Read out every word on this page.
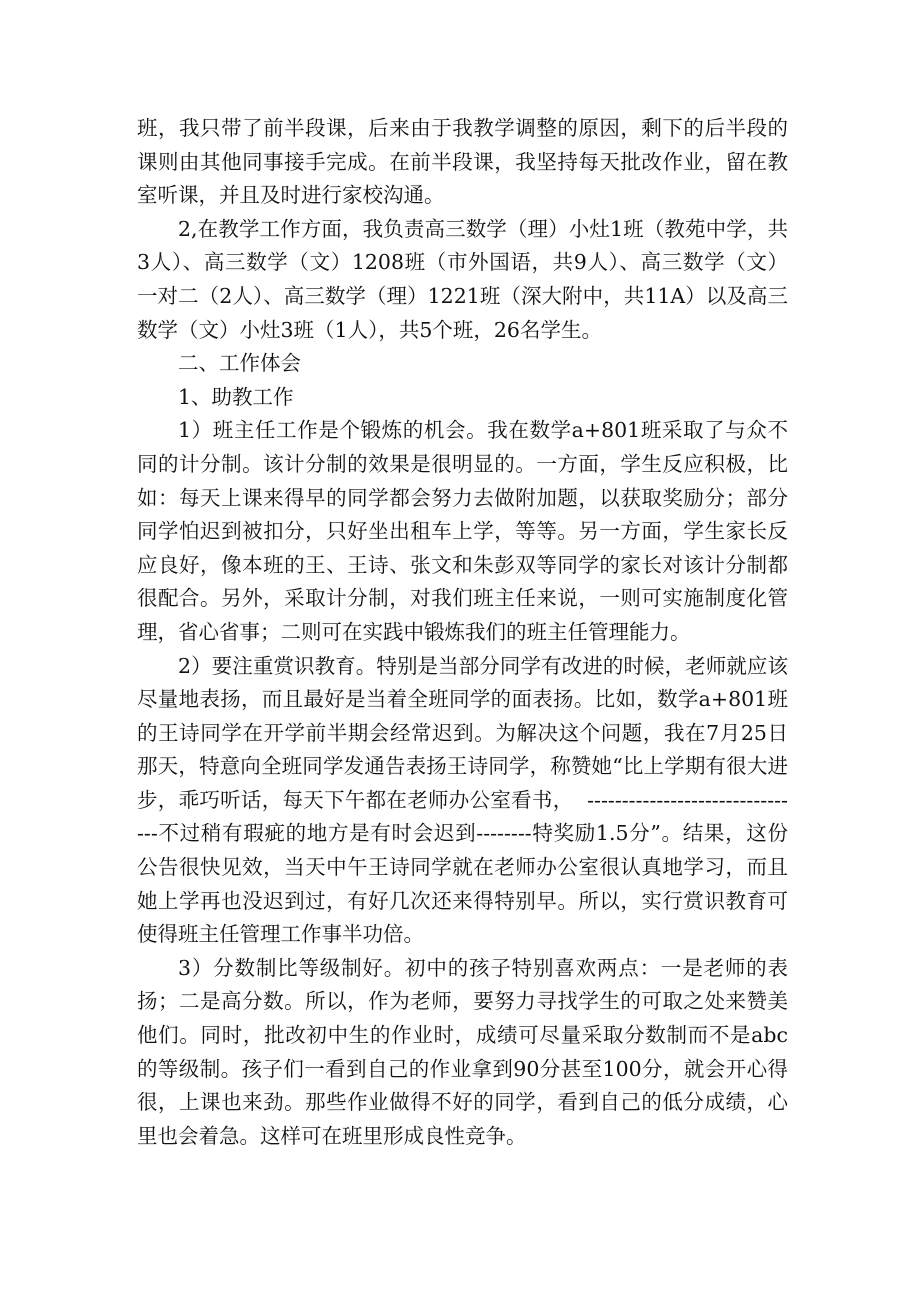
班，我只带了前半段课，后来由于我教学调整的原因，剩下的后半段的课则由其他同事接手完成。在前半段课，我坚持每天批改作业，留在教室听课，并且及时进行家校沟通。

2,在教学工作方面，我负责高三数学（理）小灶1班（教苑中学，共3人）、高三数学（文）1208班（市外国语，共9人）、高三数学（文）一对二（2人）、高三数学（理）1221班（深大附中，共11A）以及高三数学（文）小灶3班（1人），共5个班，26名学生。

二、工作体会

1、助教工作

1）班主任工作是个锻炼的机会。我在数学a+801班采取了与众不同的计分制。该计分制的效果是很明显的。一方面，学生反应积极，比如：每天上课来得早的同学都会努力去做附加题，以获取奖励分；部分同学怕迟到被扣分，只好坐出租车上学，等等。另一方面，学生家长反应良好，像本班的王、王诗、张文和朱彭双等同学的家长对该计分制都很配合。另外，采取计分制，对我们班主任来说，一则可实施制度化管理，省心省事；二则可在实践中锻炼我们的班主任管理能力。

2）要注重赏识教育。特别是当部分同学有改进的时候，老师就应该尽量地表扬，而且最好是当着全班同学的面表扬。比如，数学a+801班的王诗同学在开学前半期会经常迟到。为解决这个问题，我在7月25日那天，特意向全班同学发通告表扬王诗同学，称赞她“比上学期有很大进步，乖巧听话，每天下午都在老师办公室看书，  --------------------------------不过稍有瑕疵的地方是有时会迟到--------特奖励1.5分”。结果，这份公告很快见效，当天中午王诗同学就在老师办公室很认真地学习，而且她上学再也没迟到过，有好几次还来得特别早。所以，实行赏识教育可使得班主任管理工作事半功倍。

3）分数制比等级制好。初中的孩子特别喜欢两点：一是老师的表扬；二是高分数。所以，作为老师，要努力寻找学生的可取之处来赞美他们。同时，批改初中生的作业时，成绩可尽量采取分数制而不是abc的等级制。孩子们一看到自己的作业拿到90分甚至100分，就会开心得很，上课也来劲。那些作业做得不好的同学，看到自己的低分成绩，心里也会着急。这样可在班里形成良性竞争。
